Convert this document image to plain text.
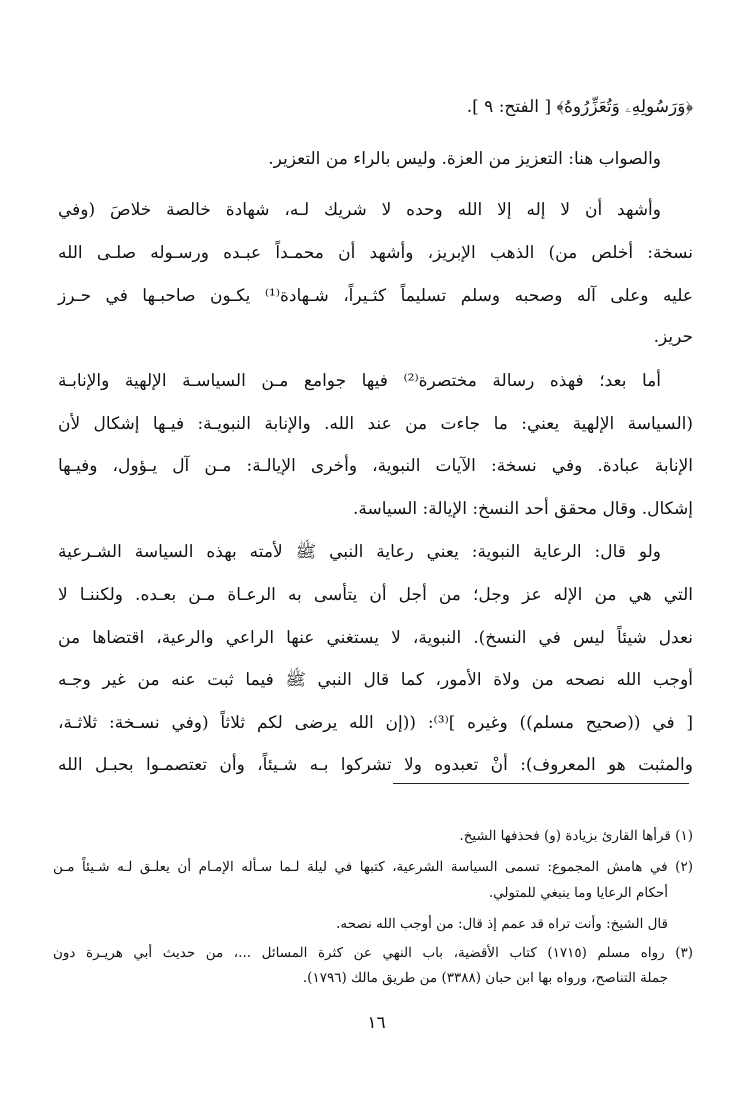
﴿وَرَسُولِهِۦ وَتُعَزِّرُوهُ﴾ [ الفتح: ٩ ].
والصواب هنا: التعزيز من العزة. وليس بالراء من التعزير.
وأشهد أن لا إله إلا الله وحده لا شريك لـه، شهادة خالصة خلاصَ (وفي
نسخة: أخلص من) الذهب الإبريز، وأشهد أن محمـداً عبـده ورسـوله صلـى الله
عليه وعلى آله وصحبه وسلم تسليماً كثـيراً، شـهادة⁽¹⁾ يكـون صاحبـها في حـرز
حريز.
أما بعد؛ فهذه رسالة مختصرة⁽²⁾ فيها جوامع مـن السياسـة الإلهية والإنابـة
(السياسة الإلهية يعني: ما جاءت من عند الله. والإنابة النبويـة: فيـها إشكال لأن
الإنابة عبادة. وفي نسخة: الآيات النبوية، وأخرى الإيالـة: مـن آل يـؤول، وفيـها
إشكال. وقال محقق أحد النسخ: الإيالة: السياسة.
ولو قال: الرعاية النبوية: يعني رعاية النبي ﷺ لأمته بهذه السياسة الشـرعية
التي هي من الإله عز وجل؛ من أجل أن يتأسى به الرعـاة مـن بعـده. ولكننـا لا
نعدل شيئاً ليس في النسخ). النبوية، لا يستغني عنها الراعي والرعية، اقتضاها من
أوجب الله نصحه من ولاة الأمور، كما قال النبي ﷺ فيما ثبت عنه من غير وجـه
[ في ((صحيح مسلم)) وغيره ]⁽³⁾: ((إن الله يرضى لكم ثلاثاً (وفي نسـخة: ثلاثـة،
والمثبت هو المعروف): أنْ تعبدوه ولا تشركوا بـه شـيئاً، وأن تعتصمـوا بحبـل الله
(١) قرأها القارئ بزيادة (و) فحذفها الشيخ.
(٢) في هامش المجموع: تسمى السياسة الشرعية، كتبها في ليلة لـما سـأله الإمـام أن يعلـق لـه شـيئاً مـن
أحكام الرعايا وما ينبغي للمتولي.
قال الشيخ: وأنت تراه قد عمم إذ قال: من أوجب الله نصحه.
(٣) رواه مسلم (١٧١٥) كتاب الأقضية، باب النهي عن كثرة المسائل ...، من حديث أبي هريـرة دون
جملة التناصح، ورواه بها ابن حبان (٣٣٨٨) من طريق مالك (١٧٩٦).
١٦
